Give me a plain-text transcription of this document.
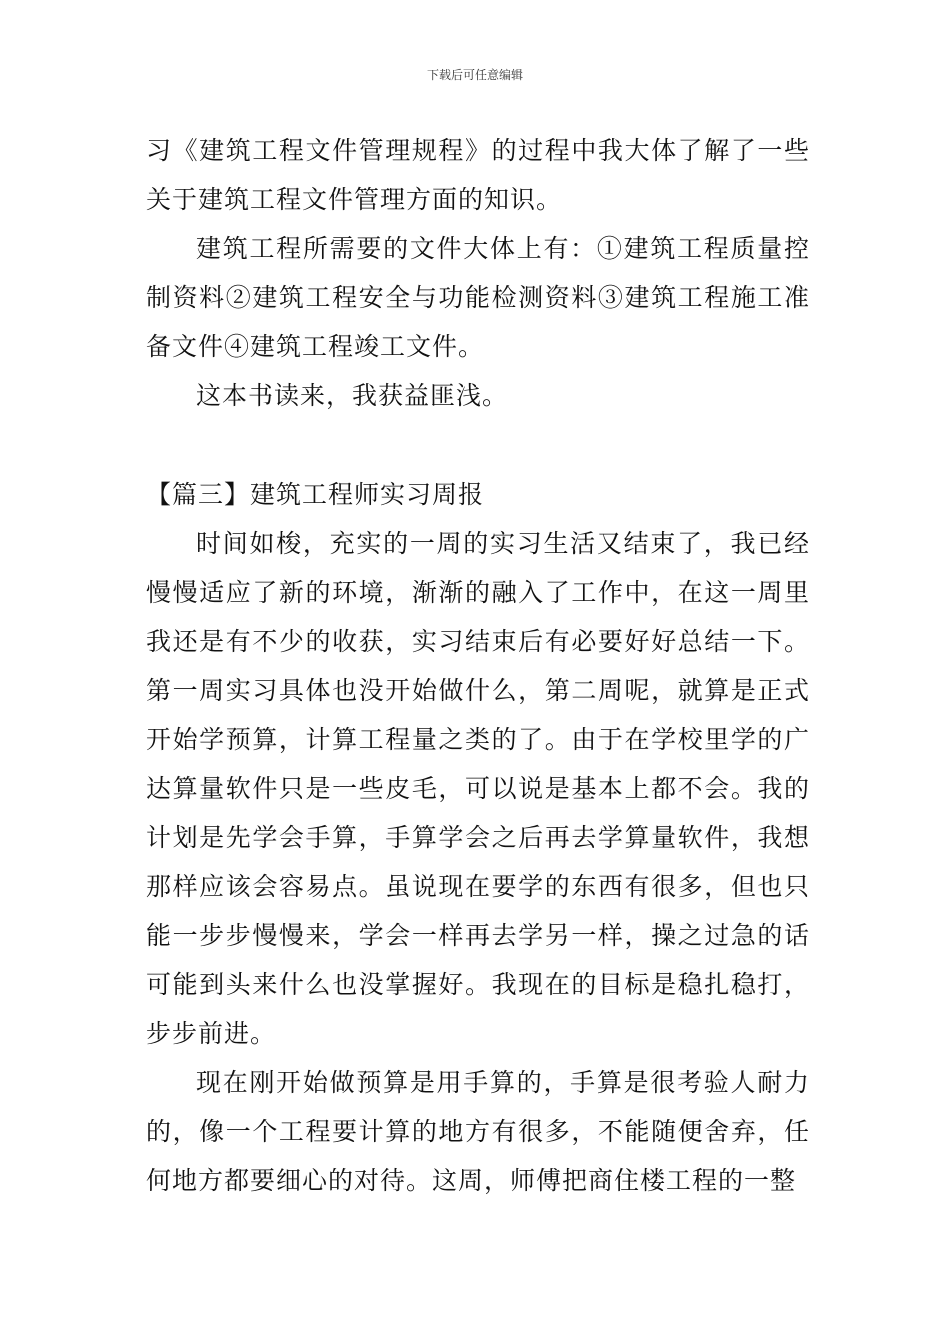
下载后可任意编辑

习《建筑工程文件管理规程》的过程中我大体了解了一些关于建筑工程文件管理方面的知识。

建筑工程所需要的文件大体上有：①建筑工程质量控制资料②建筑工程安全与功能检测资料③建筑工程施工准备文件④建筑工程竣工文件。

这本书读来，我获益匪浅。

【篇三】建筑工程师实习周报

时间如梭，充实的一周的实习生活又结束了，我已经慢慢适应了新的环境，渐渐的融入了工作中，在这一周里我还是有不少的收获，实习结束后有必要好好总结一下。第一周实习具体也没开始做什么，第二周呢，就算是正式开始学预算，计算工程量之类的了。由于在学校里学的广达算量软件只是一些皮毛，可以说是基本上都不会。我的计划是先学会手算，手算学会之后再去学算量软件，我想那样应该会容易点。虽说现在要学的东西有很多，但也只能一步步慢慢来，学会一样再去学另一样，操之过急的话可能到头来什么也没掌握好。我现在的目标是稳扎稳打，步步前进。

现在刚开始做预算是用手算的，手算是很考验人耐力的，像一个工程要计算的地方有很多，不能随便舍弃，任何地方都要细心的对待。这周，师傅把商住楼工程的一整
